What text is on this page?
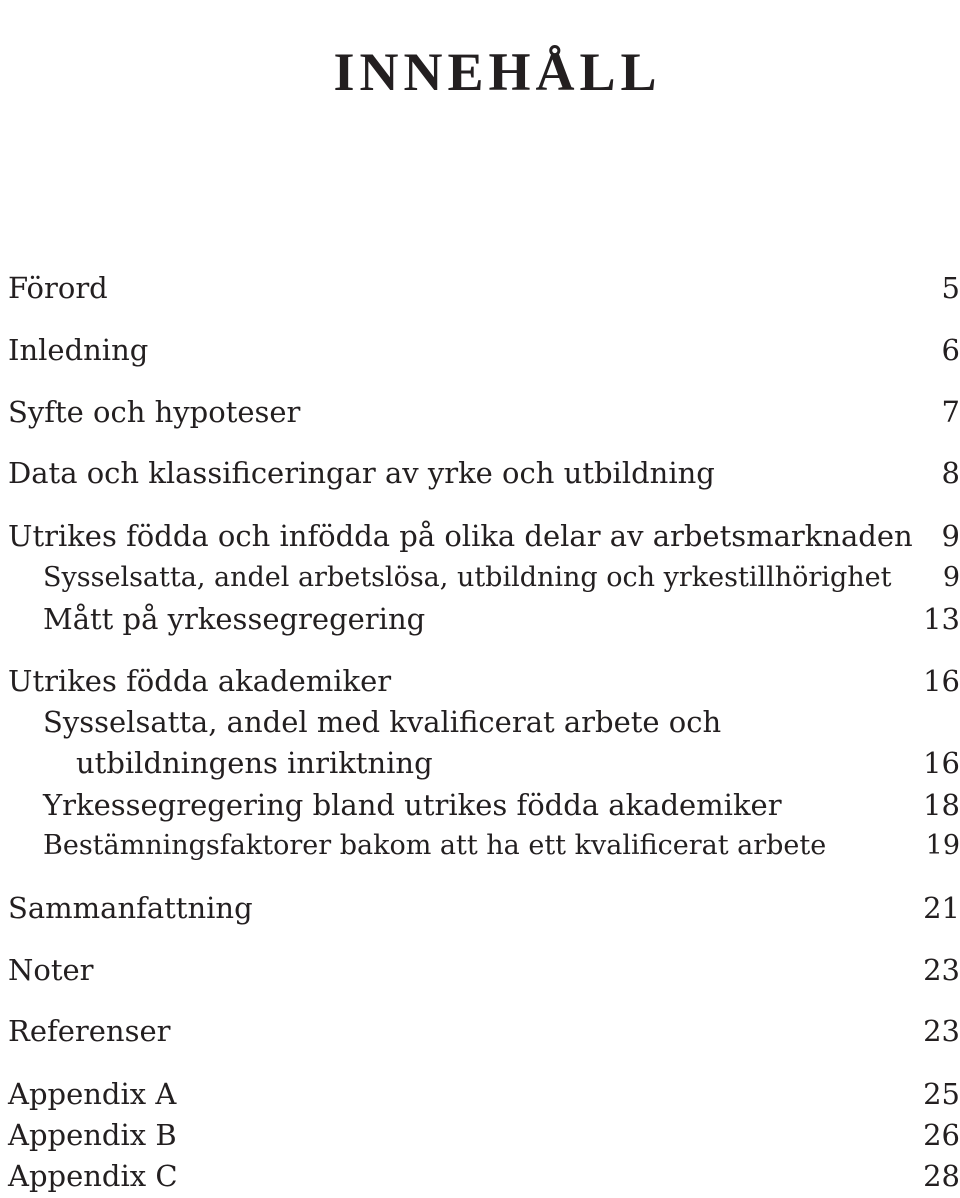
INNEHÅLL
Förord	5
Inledning	6
Syfte och hypoteser	7
Data och klassificeringar av yrke och utbildning	8
Utrikes födda och infödda på olika delar av arbetsmarknaden 9
Sysselsatta, andel arbetslösa, utbildning och yrkestillhörighet 9
Mått på yrkessegregering	13
Utrikes födda akademiker	16
Sysselsatta, andel med kvalificerat arbete och
utbildningens inriktning	16
Yrkessegregering bland utrikes födda akademiker	18
Bestämningsfaktorer bakom att ha ett kvalificerat arbete	19
Sammanfattning	21
Noter	23
Referenser	23
Appendix A	25
Appendix B	26
Appendix C	28
